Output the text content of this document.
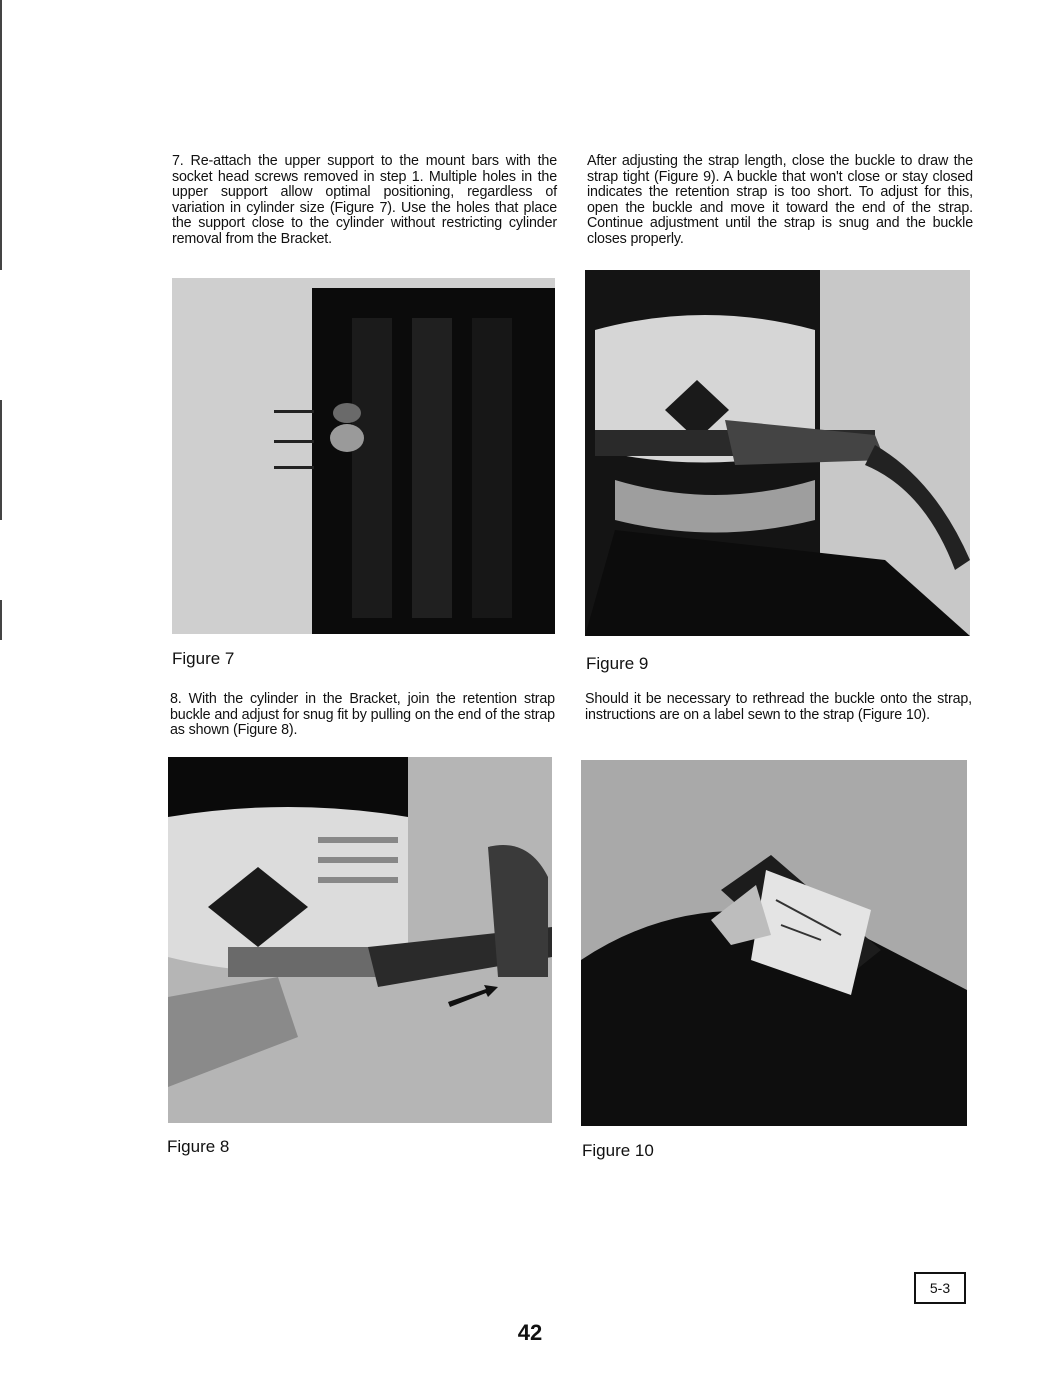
7. Re-attach the upper support to the mount bars with the socket head screws removed in step 1. Multiple holes in the upper support allow optimal positioning, regardless of variation in cylinder size (Figure 7). Use the holes that place the support close to the cylinder without restricting cylinder removal from the Bracket.

Figure 7

8. With the cylinder in the Bracket, join the retention strap buckle and adjust for snug fit by pulling on the end of the strap as shown (Figure 8).

Figure 8

After adjusting the strap length, close the buckle to draw the strap tight (Figure 9). A buckle that won't close or stay closed indicates the retention strap is too short. To adjust for this, open the buckle and move it toward the end of the strap. Continue adjustment until the strap is snug and the buckle closes properly.

Figure 9

Should it be necessary to rethread the buckle onto the strap, instructions are on a label sewn to the strap (Figure 10).

Figure 10

5-3
42
